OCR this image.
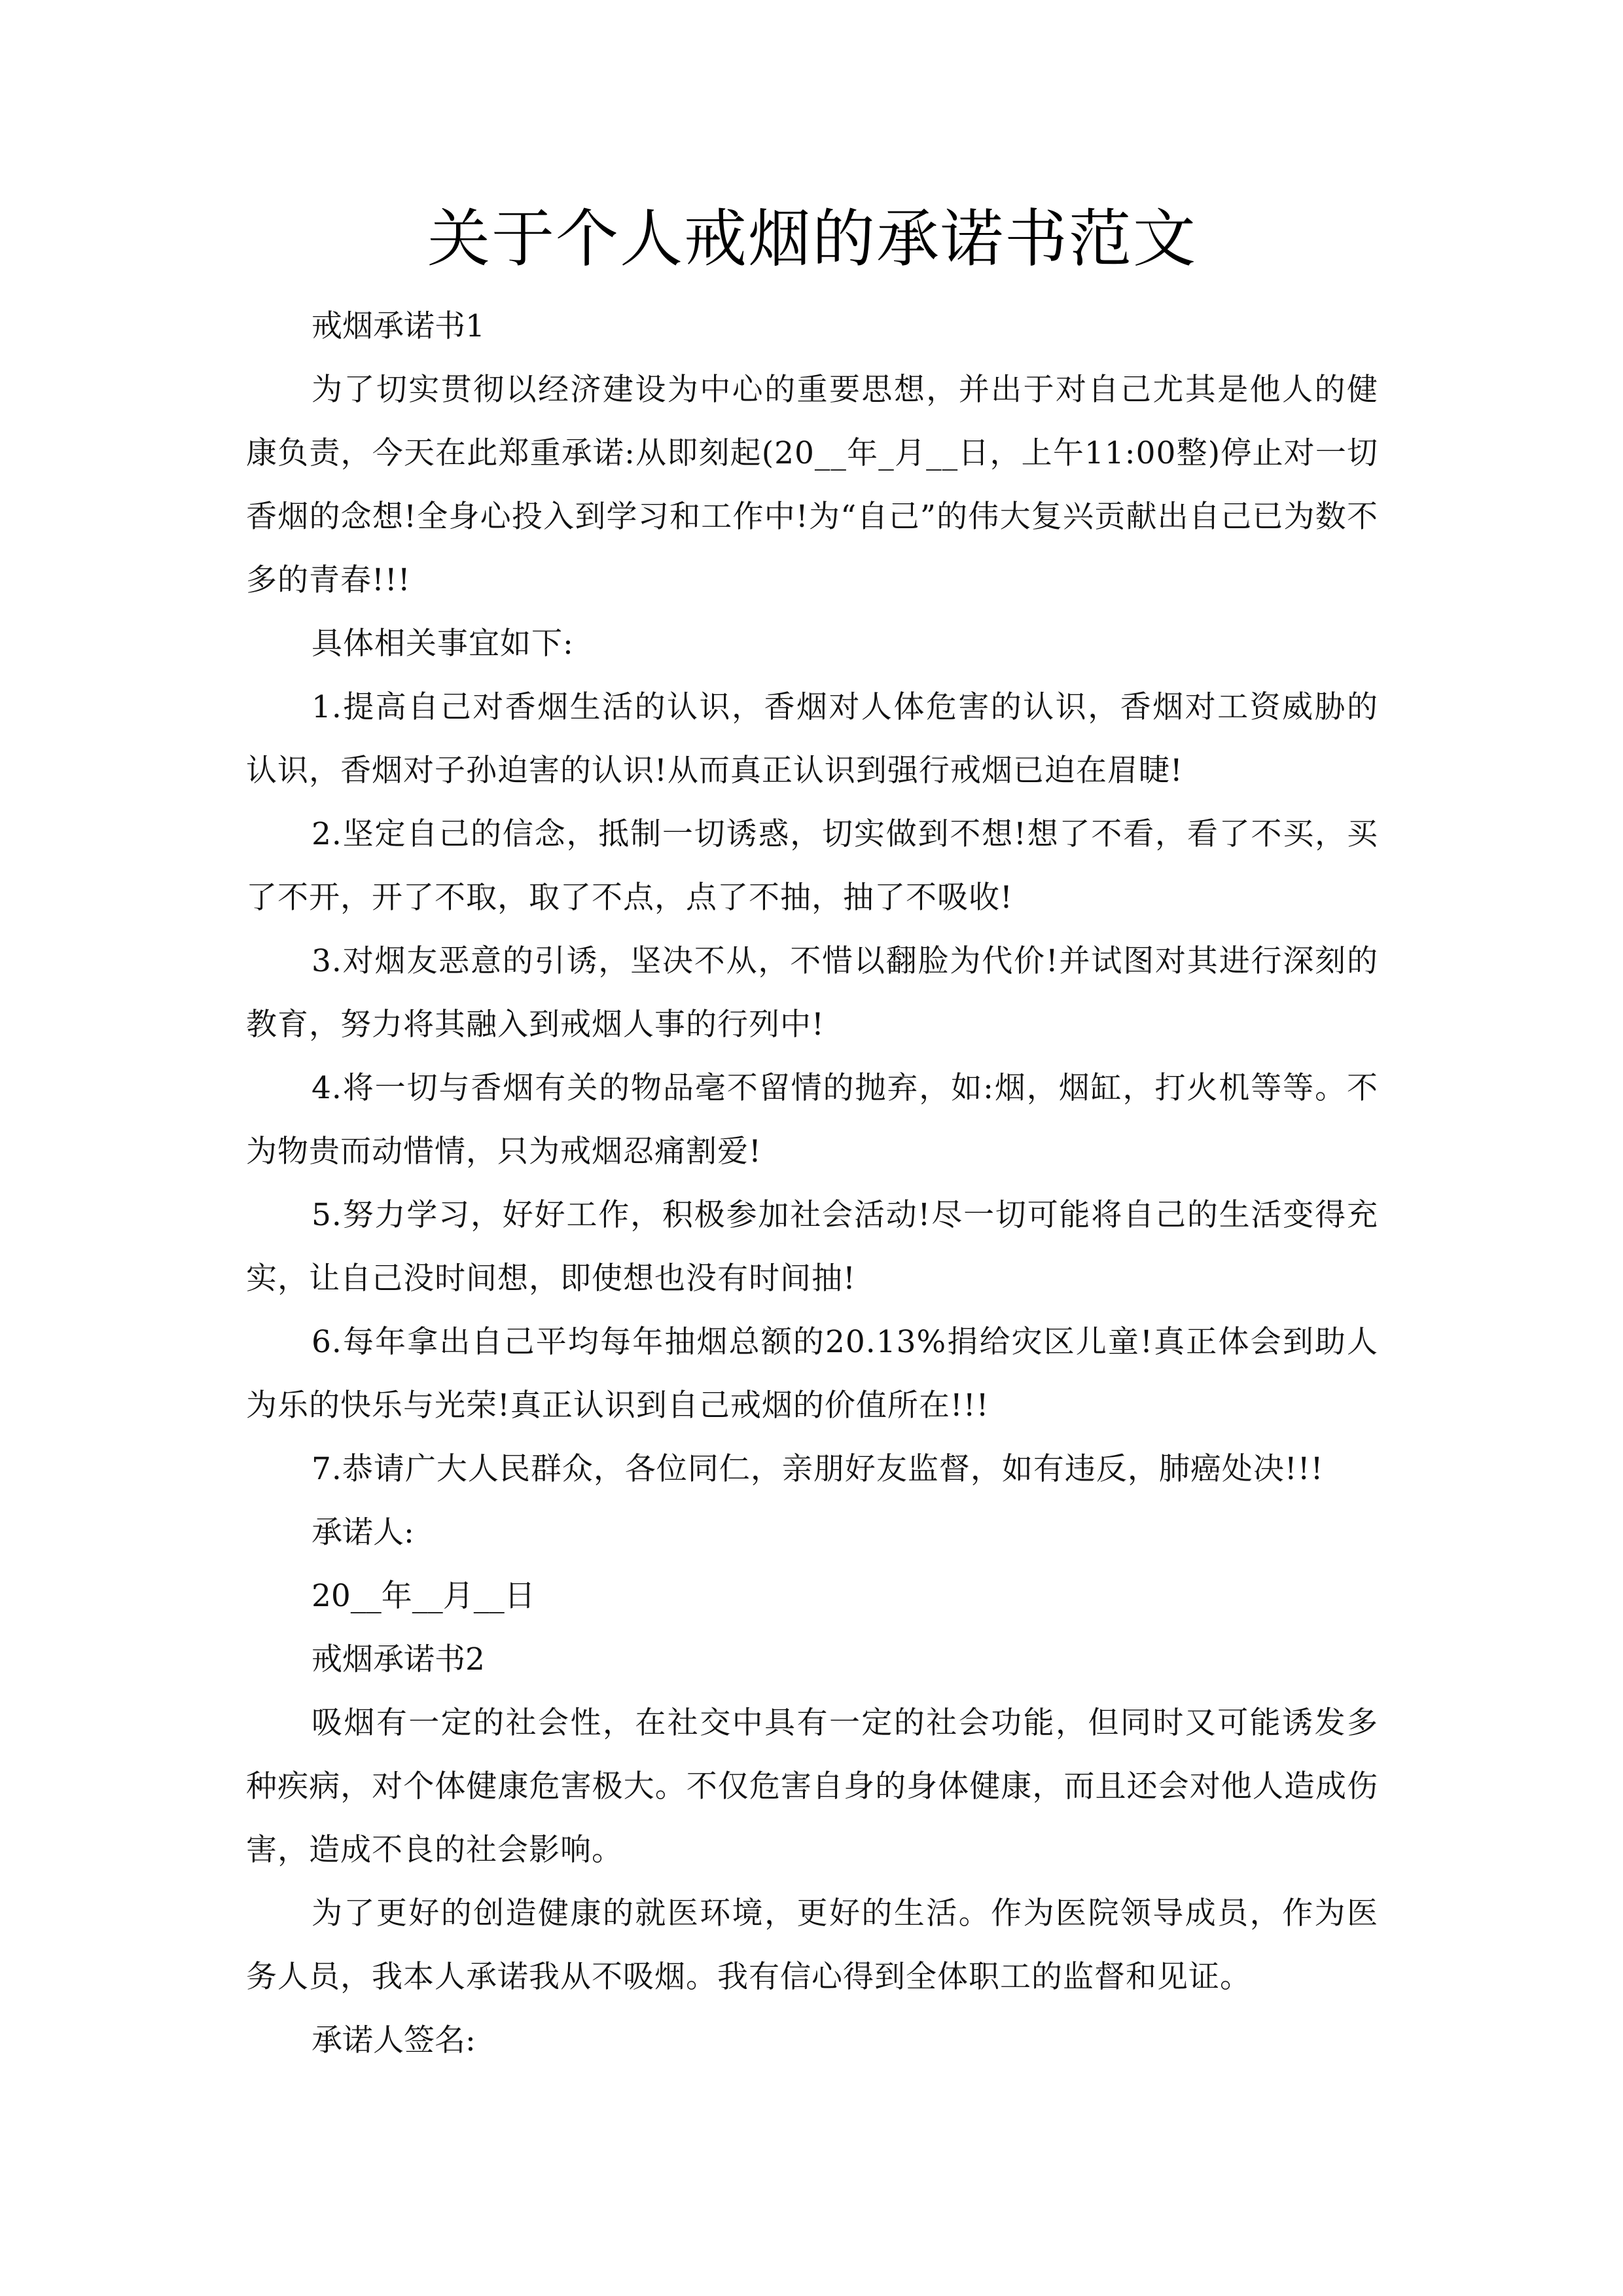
关于个人戒烟的承诺书范文

戒烟承诺书1

为了切实贯彻以经济建设为中心的重要思想，并出于对自己尤其是他人的健康负责，今天在此郑重承诺:从即刻起(20__年_月__日，上午11:00整)停止对一切香烟的念想!全身心投入到学习和工作中!为“自己”的伟大复兴贡献出自己已为数不多的青春!!!

具体相关事宜如下:

1.提高自己对香烟生活的认识，香烟对人体危害的认识，香烟对工资威胁的认识，香烟对子孙迫害的认识!从而真正认识到强行戒烟已迫在眉睫!

2.坚定自己的信念，抵制一切诱惑，切实做到不想!想了不看，看了不买，买了不开，开了不取，取了不点，点了不抽，抽了不吸收!

3.对烟友恶意的引诱，坚决不从，不惜以翻脸为代价!并试图对其进行深刻的教育，努力将其融入到戒烟人事的行列中!

4.将一切与香烟有关的物品毫不留情的抛弃，如:烟，烟缸，打火机等等。不为物贵而动惜情，只为戒烟忍痛割爱!

5.努力学习，好好工作，积极参加社会活动!尽一切可能将自己的生活变得充实，让自己没时间想，即使想也没有时间抽!

6.每年拿出自己平均每年抽烟总额的20.13%捐给灾区儿童!真正体会到助人为乐的快乐与光荣!真正认识到自己戒烟的价值所在!!!

7.恭请广大人民群众，各位同仁，亲朋好友监督，如有违反，肺癌处决!!!

承诺人:

20__年__月__日

戒烟承诺书2

吸烟有一定的社会性，在社交中具有一定的社会功能，但同时又可能诱发多种疾病，对个体健康危害极大。不仅危害自身的身体健康，而且还会对他人造成伤害，造成不良的社会影响。

为了更好的创造健康的就医环境，更好的生活。作为医院领导成员，作为医务人员，我本人承诺我从不吸烟。我有信心得到全体职工的监督和见证。

承诺人签名:
